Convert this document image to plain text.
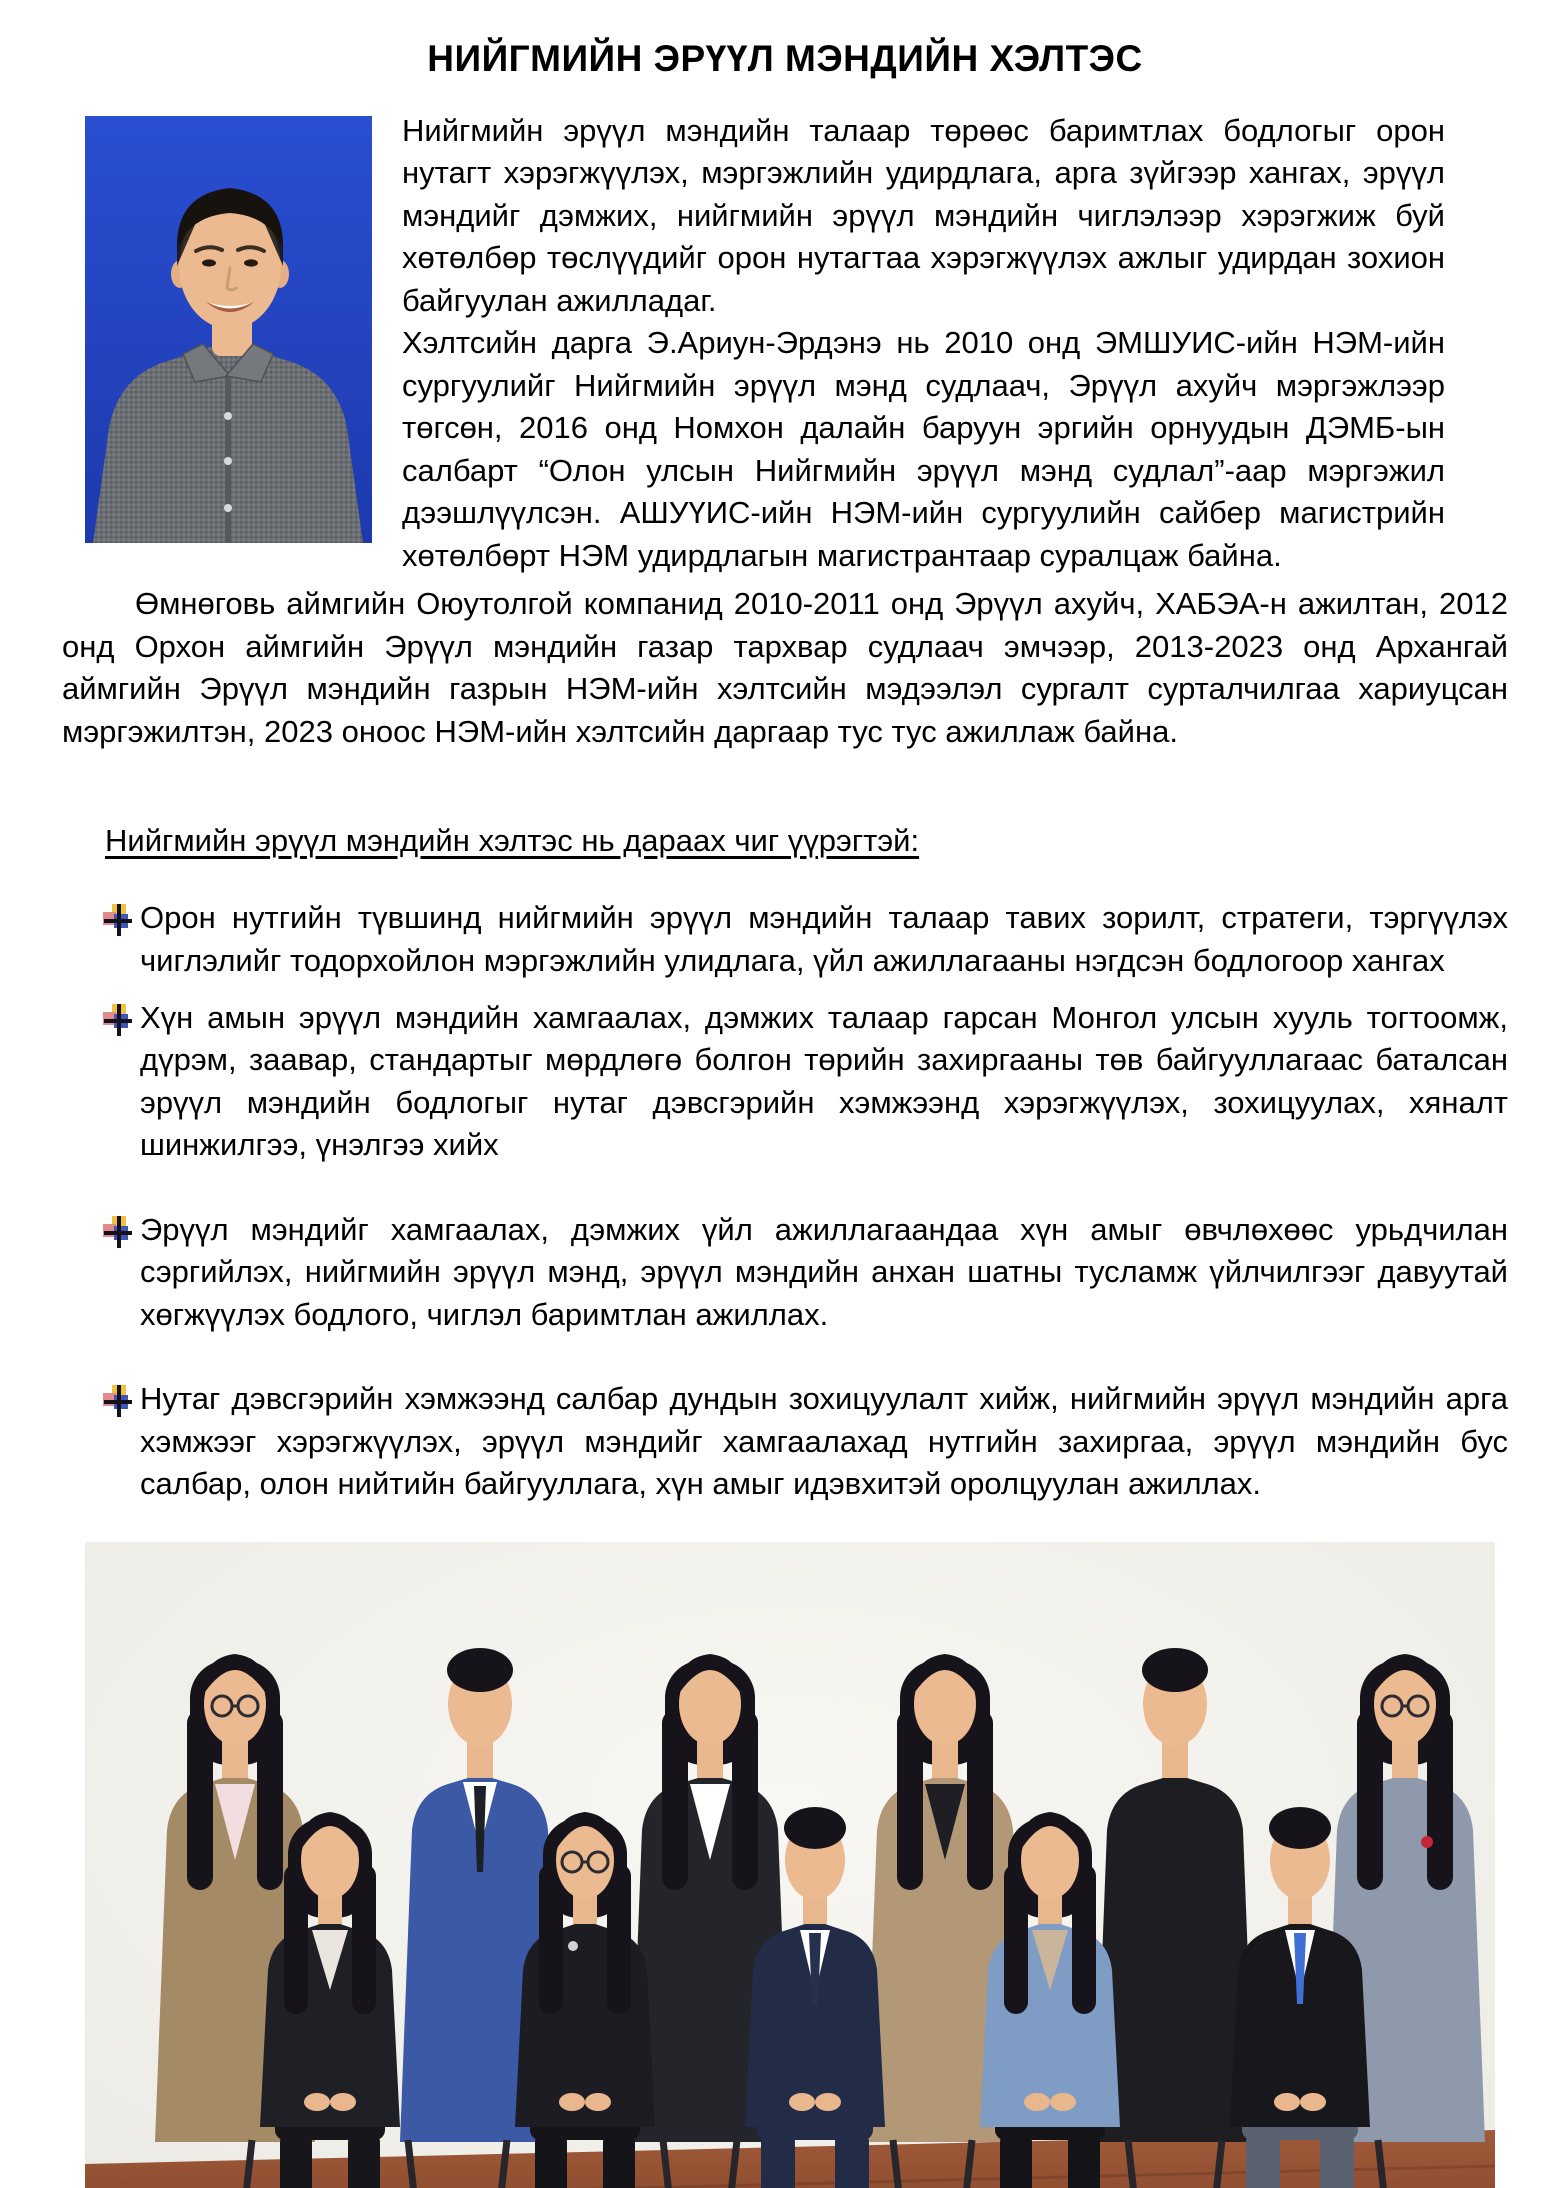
НИЙГМИЙН ЭРҮҮЛ МЭНДИЙН ХЭЛТЭС

Нийгмийн эрүүл мэндийн талаар төрөөс баримтлах бодлогыг орон нутагт хэрэгжүүлэх, мэргэжлийн удирдлага, арга зүйгээр хангах, эрүүл мэндийг дэмжих, нийгмийн эрүүл мэндийн чиглэлээр хэрэгжиж буй хөтөлбөр төслүүдийг орон нутагтаа хэрэгжүүлэх ажлыг удирдан зохион байгуулан ажилладаг.

Хэлтсийн дарга Э.Ариун-Эрдэнэ нь 2010 онд ЭМШУИС-ийн НЭМ-ийн сургуулийг Нийгмийн эрүүл мэнд судлаач, Эрүүл ахуйч мэргэжлээр төгсөн, 2016 онд Номхон далайн баруун эргийн орнуудын ДЭМБ-ын салбарт “Олон улсын Нийгмийн эрүүл мэнд судлал”-аар мэргэжил дээшлүүлсэн. АШУҮИС-ийн НЭМ-ийн сургуулийн сайбер магистрийн хөтөлбөрт НЭМ удирдлагын магистрантаар суралцаж байна.

Өмнөговь аймгийн Оюутолгой компанид 2010-2011 онд Эрүүл ахуйч, ХАБЭА-н ажилтан, 2012 онд Орхон аймгийн Эрүүл мэндийн газар тархвар судлаач эмчээр, 2013-2023 онд Архангай аймгийн Эрүүл мэндийн газрын НЭМ-ийн хэлтсийн мэдээлэл сургалт сурталчилгаа хариуцсан мэргэжилтэн, 2023 оноос НЭМ-ийн хэлтсийн даргаар тус тус ажиллаж байна.

Нийгмийн эрүүл мэндийн хэлтэс нь дараах чиг үүрэгтэй:
Орон нутгийн түвшинд нийгмийн эрүүл мэндийн талаар тавих зорилт, стратеги, тэргүүлэх чиглэлийг тодорхойлон мэргэжлийн улидлага, үйл ажиллагааны нэгдсэн бодлогоор хангах
Хүн амын эрүүл мэндийн хамгаалах, дэмжих талаар гарсан Монгол улсын хууль тогтоомж, дүрэм, заавар, стандартыг мөрдлөгө болгон төрийн захиргааны төв байгууллагаас баталсан эрүүл мэндийн бодлогыг нутаг дэвсгэрийн хэмжээнд хэрэгжүүлэх, зохицуулах, хяналт шинжилгээ, үнэлгээ хийх
Эрүүл мэндийг хамгаалах, дэмжих үйл ажиллагаандаа хүн амыг өвчлөхөөс урьдчилан сэргийлэх, нийгмийн эрүүл мэнд, эрүүл мэндийн анхан шатны тусламж үйлчилгээг давуутай хөгжүүлэх бодлого, чиглэл баримтлан ажиллах.
Нутаг дэвсгэрийн хэмжээнд салбар дундын зохицуулалт хийж, нийгмийн эрүүл мэндийн арга хэмжээг хэрэгжүүлэх, эрүүл мэндийг хамгаалахад нутгийн захиргаа, эрүүл мэндийн бус салбар, олон нийтийн байгууллага, хүн амыг идэвхитэй оролцуулан ажиллах.
